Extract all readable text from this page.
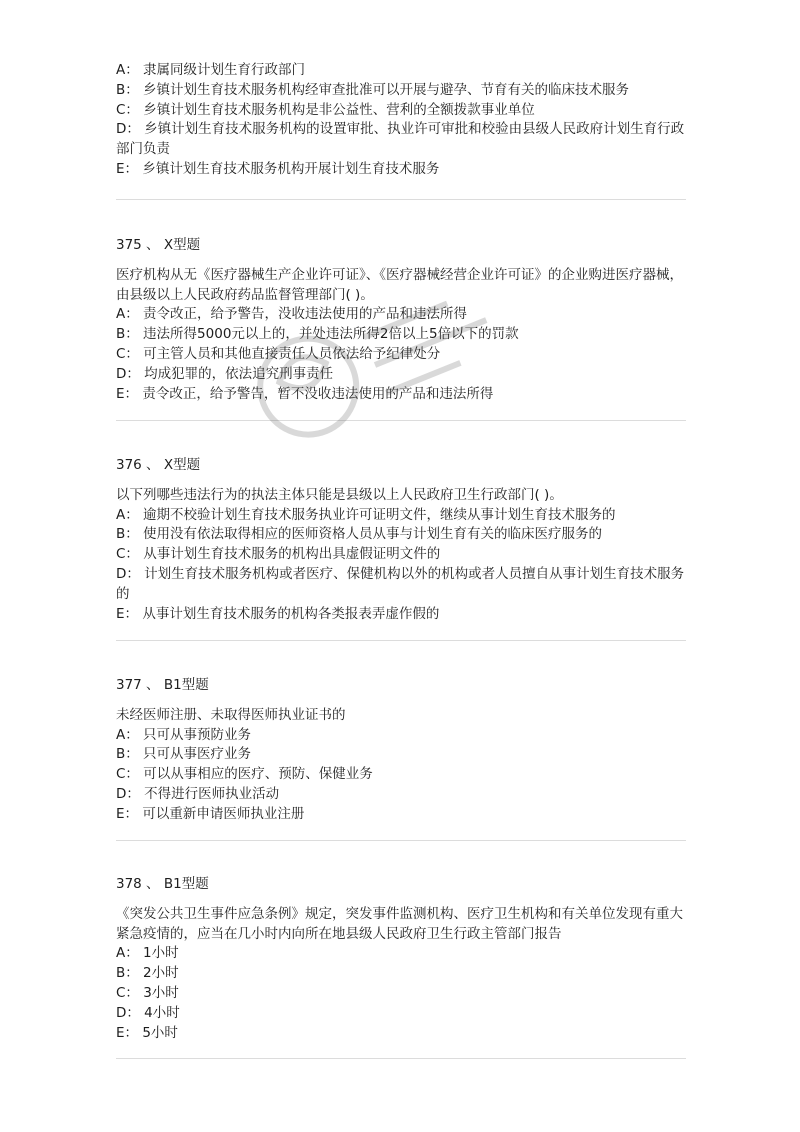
A： 隶属同级计划生育行政部门
B： 乡镇计划生育技术服务机构经审查批准可以开展与避孕、节育有关的临床技术服务
C： 乡镇计划生育技术服务机构是非公益性、营利的全额拨款事业单位
D： 乡镇计划生育技术服务机构的设置审批、执业许可审批和校验由县级人民政府计划生育行政部门负责
E： 乡镇计划生育技术服务机构开展计划生育技术服务
375 、 X型题
医疗机构从无《医疗器械生产企业许可证》、《医疗器械经营企业许可证》的企业购进医疗器械，由县级以上人民政府药品监督管理部门( )。
A： 责令改正，给予警告，没收违法使用的产品和违法所得
B： 违法所得5000元以上的，并处违法所得2倍以上5倍以下的罚款
C： 可主管人员和其他直接责任人员依法给予纪律处分
D： 均成犯罪的，依法追究刑事责任
E： 责令改正，给予警告，暂不没收违法使用的产品和违法所得
376 、 X型题
以下列哪些违法行为的执法主体只能是县级以上人民政府卫生行政部门( )。
A： 逾期不校验计划生育技术服务执业许可证明文件，继续从事计划生育技术服务的
B： 使用没有依法取得相应的医师资格人员从事与计划生育有关的临床医疗服务的
C： 从事计划生育技术服务的机构出具虚假证明文件的
D： 计划生育技术服务机构或者医疗、保健机构以外的机构或者人员擅自从事计划生育技术服务的
E： 从事计划生育技术服务的机构各类报表弄虚作假的
377 、 B1型题
未经医师注册、未取得医师执业证书的
A： 只可从事预防业务
B： 只可从事医疗业务
C： 可以从事相应的医疗、预防、保健业务
D： 不得进行医师执业活动
E： 可以重新申请医师执业注册
378 、 B1型题
《突发公共卫生事件应急条例》规定，突发事件监测机构、医疗卫生机构和有关单位发现有重大紧急疫情的，应当在几小时内向所在地县级人民政府卫生行政主管部门报告
A： 1小时
B： 2小时
C： 3小时
D： 4小时
E： 5小时
